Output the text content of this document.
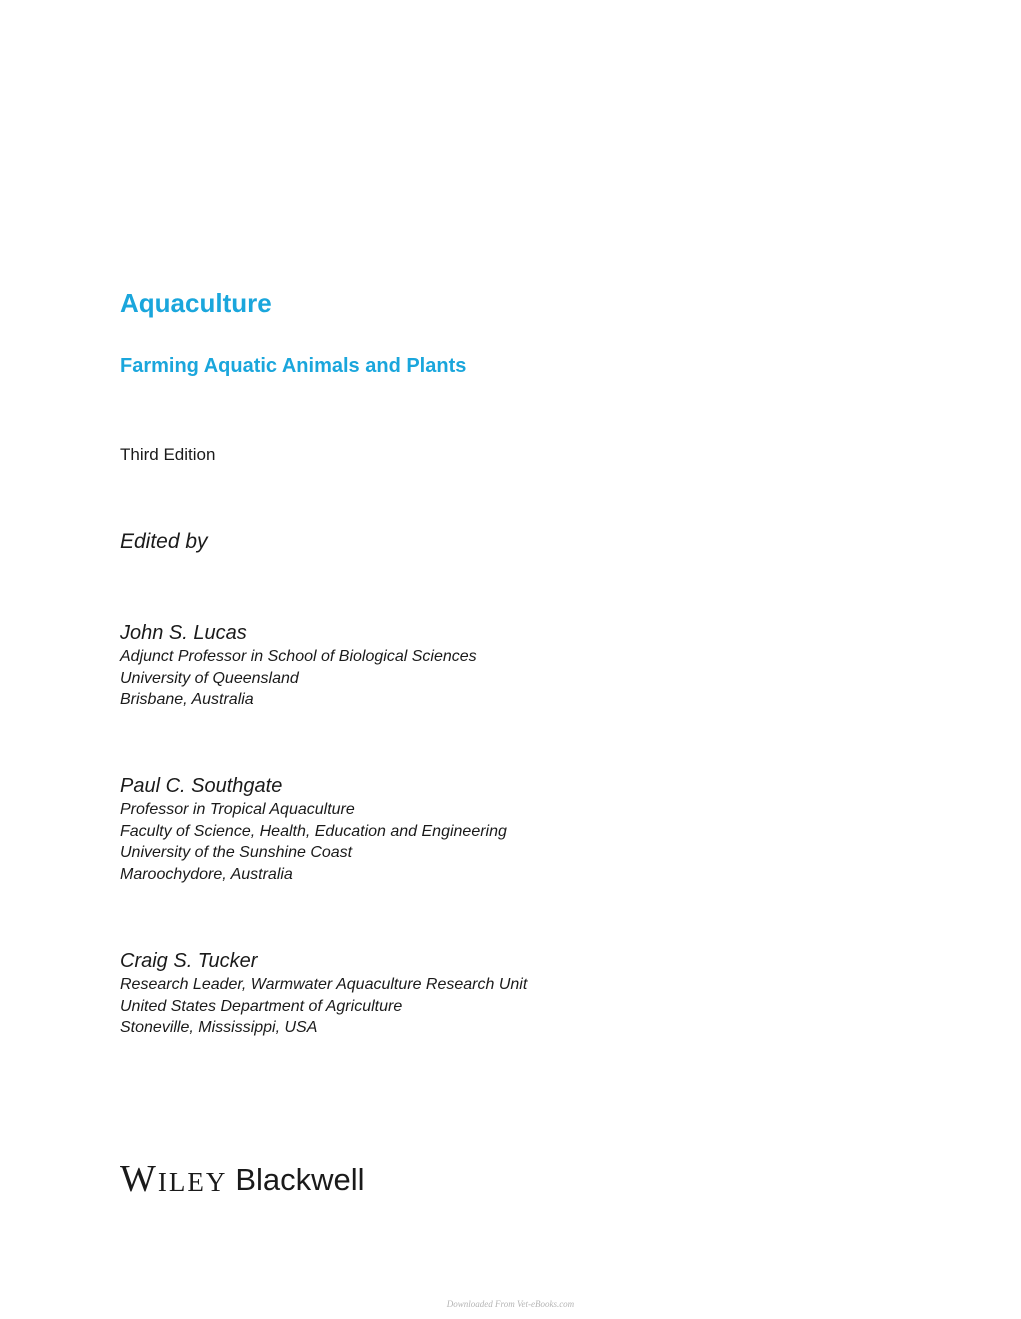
Aquaculture
Farming Aquatic Animals and Plants
Third Edition
Edited by
John S. Lucas
Adjunct Professor in School of Biological Sciences
University of Queensland
Brisbane, Australia
Paul C. Southgate
Professor in Tropical Aquaculture
Faculty of Science, Health, Education and Engineering
University of the Sunshine Coast
Maroochydore, Australia
Craig S. Tucker
Research Leader, Warmwater Aquaculture Research Unit
United States Department of Agriculture
Stoneville, Mississippi, USA
Wiley Blackwell
Downloaded From Vet-eBooks.com
